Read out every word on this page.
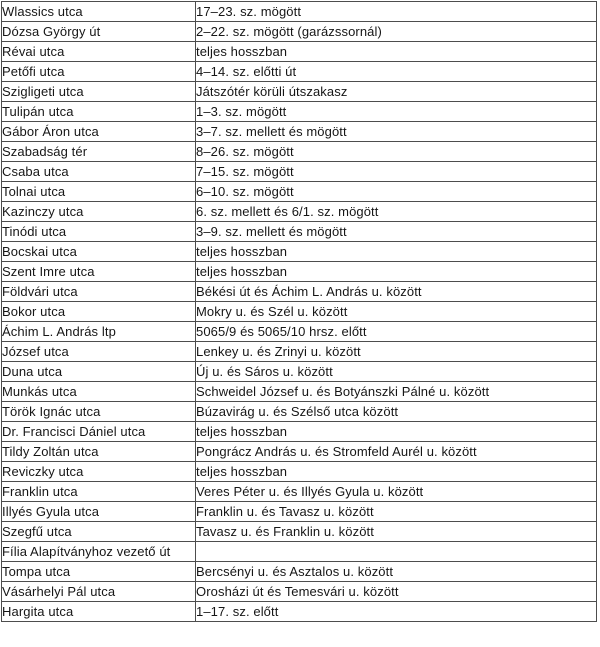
Wlassics utca	17–23. sz. mögött
Dózsa György út	2–22. sz. mögött (garázssornál)
Révai utca	teljes hosszban
Petőfi utca	4–14. sz. előtti út
Szigligeti utca	Játszótér körüli útszakasz
Tulipán utca	1–3. sz. mögött
Gábor Áron utca	3–7. sz. mellett és mögött
Szabadság tér	8–26. sz. mögött
Csaba utca	7–15. sz. mögött
Tolnai utca	6–10. sz. mögött
Kazinczy utca	6. sz. mellett és 6/1. sz. mögött
Tinódi utca	3–9. sz. mellett és mögött
Bocskai utca	teljes hosszban
Szent Imre utca	teljes hosszban
Földvári utca	Békési út és Áchim L. András u. között
Bokor utca	Mokry u. és Szél u. között
Áchim L. András ltp	5065/9 és 5065/10 hrsz. előtt
József utca	Lenkey u. és Zrinyi u. között
Duna utca	Új u. és Sáros u. között
Munkás utca	Schweidel József u. és Botyánszki Pálné u. között
Török Ignác utca	Búzavirág u. és Szélső utca között
Dr. Francisci Dániel utca	teljes hosszban
Tildy Zoltán utca	Pongrácz András u. és Stromfeld Aurél u. között
Reviczky utca	teljes hosszban
Franklin utca	Veres Péter u. és Illyés Gyula u. között
Illyés Gyula utca	Franklin u. és Tavasz u. között
Szegfű utca	Tavasz u. és Franklin u. között
Fília Alapítványhoz vezető út	
Tompa utca	Bercsényi u. és Asztalos u. között
Vásárhelyi Pál utca	Orosházi út és Temesvári u. között
Hargita utca	1–17. sz. előtt
